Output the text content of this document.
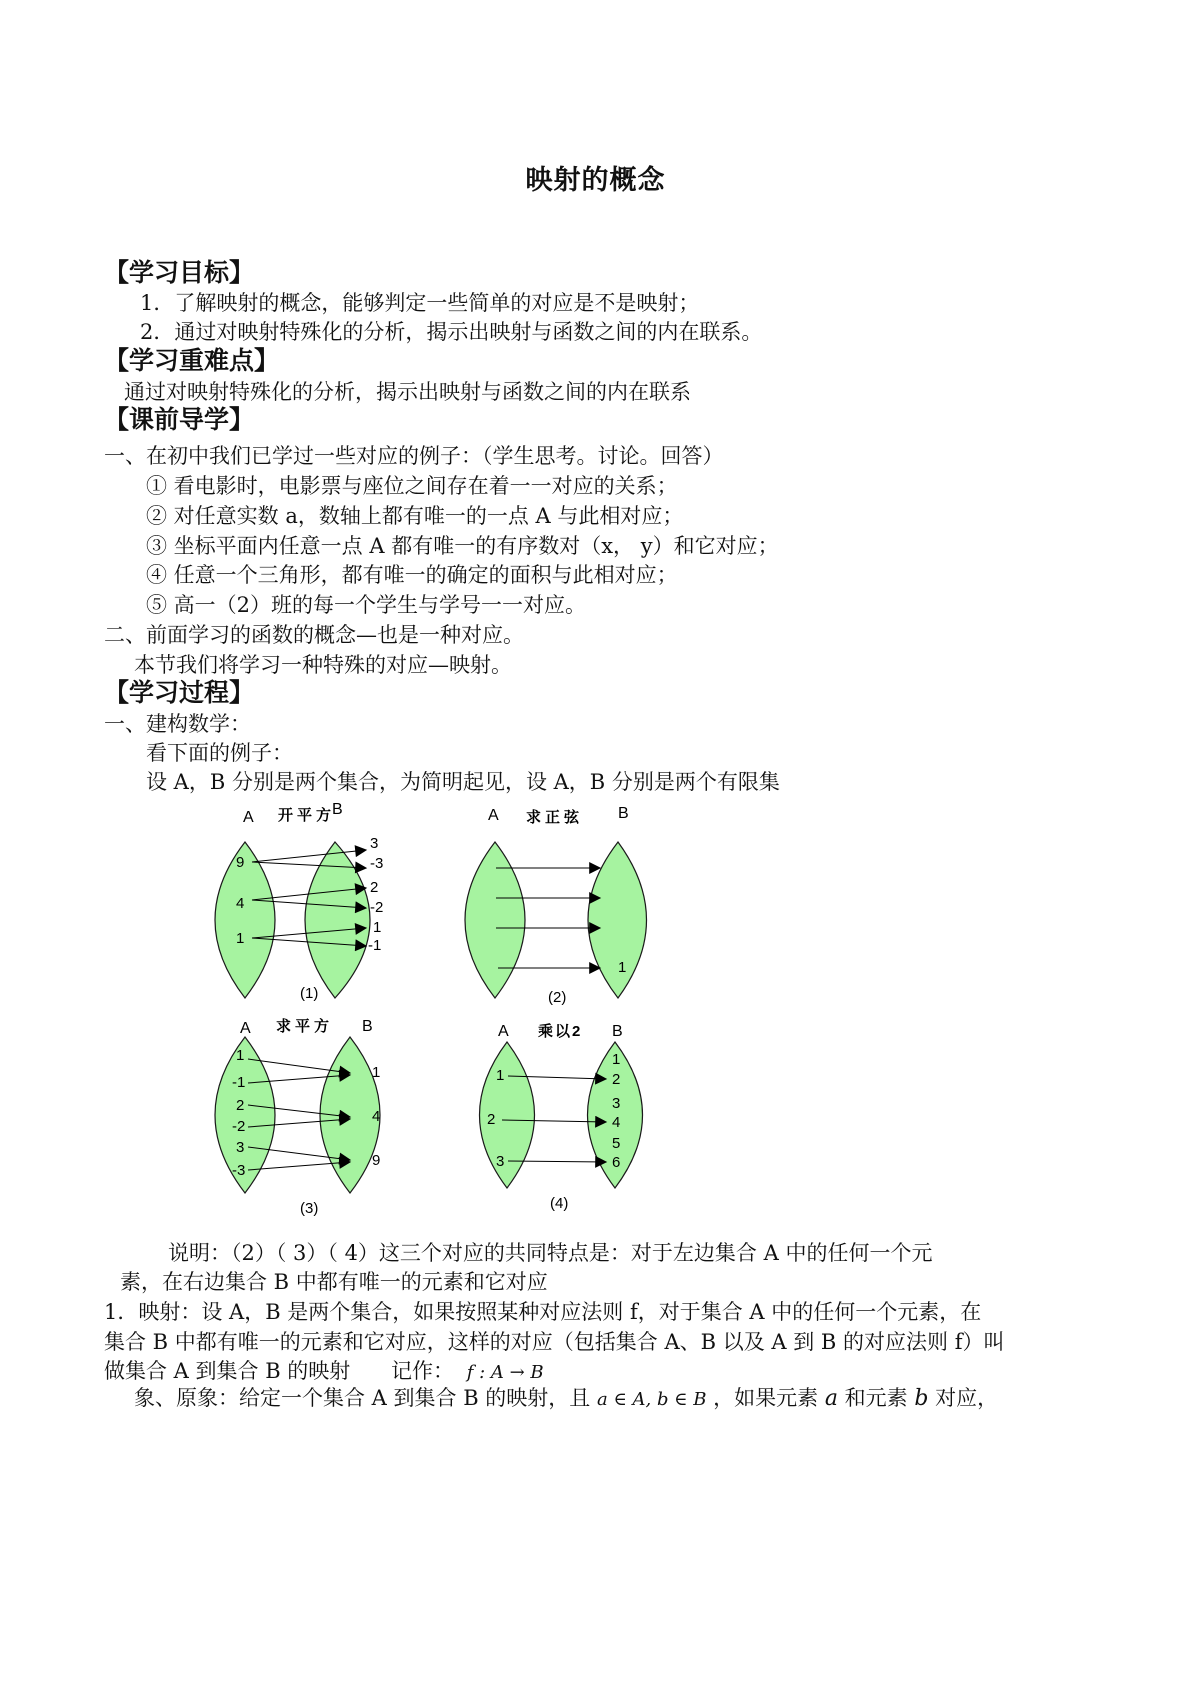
映射的概念
【学习目标】
1．了解映射的概念，能够判定一些简单的对应是不是映射；
2．通过对映射特殊化的分析，揭示出映射与函数之间的内在联系。
【学习重难点】
通过对映射特殊化的分析，揭示出映射与函数之间的内在联系
【课前导学】
一、在初中我们已学过一些对应的例子：（学生思考。讨论。回答）
① 看电影时，电影票与座位之间存在着一一对应的关系；
② 对任意实数 a，数轴上都有唯一的一点 A 与此相对应；
③ 坐标平面内任意一点 A 都有唯一的有序数对（x， y）和它对应；
④ 任意一个三角形，都有唯一的确定的面积与此相对应；
⑤ 高一（2）班的每一个学生与学号一一对应。
二、前面学习的函数的概念—也是一种对应。
本节我们将学习一种特殊的对应—映射。
【学习过程】
一、建构数学：
看下面的例子：
设 A，B 分别是两个集合，为简明起见，设 A，B 分别是两个有限集
A	B
开平方
(1)
9
4
1
3
-3
2
-2
1
-1
A	B
求正弦
(2)
1
A	B
求平方
(3)
1
-1
2
-2
3
-3
1
4
9
A	B
乘以2
(4)
1
2
3
1
2
3
4
5
6
说明：（2）（ 3）（ 4）这三个对应的共同特点是：对于左边集合 A 中的任何一个元
素，在右边集合 B 中都有唯一的元素和它对应
1．映射：设 A，B 是两个集合，如果按照某种对应法则 f，对于集合 A 中的任何一个元素，在
集合 B 中都有唯一的元素和它对应，这样的对应（包括集合 A、B 以及 A 到 B 的对应法则 f）叫
做集合 A 到集合 B 的映射 记作： f : A → B
象、原象：给定一个集合 A 到集合 B 的映射，且 a ∈ A, b ∈ B ，如果元素 a 和元素 b 对应，
